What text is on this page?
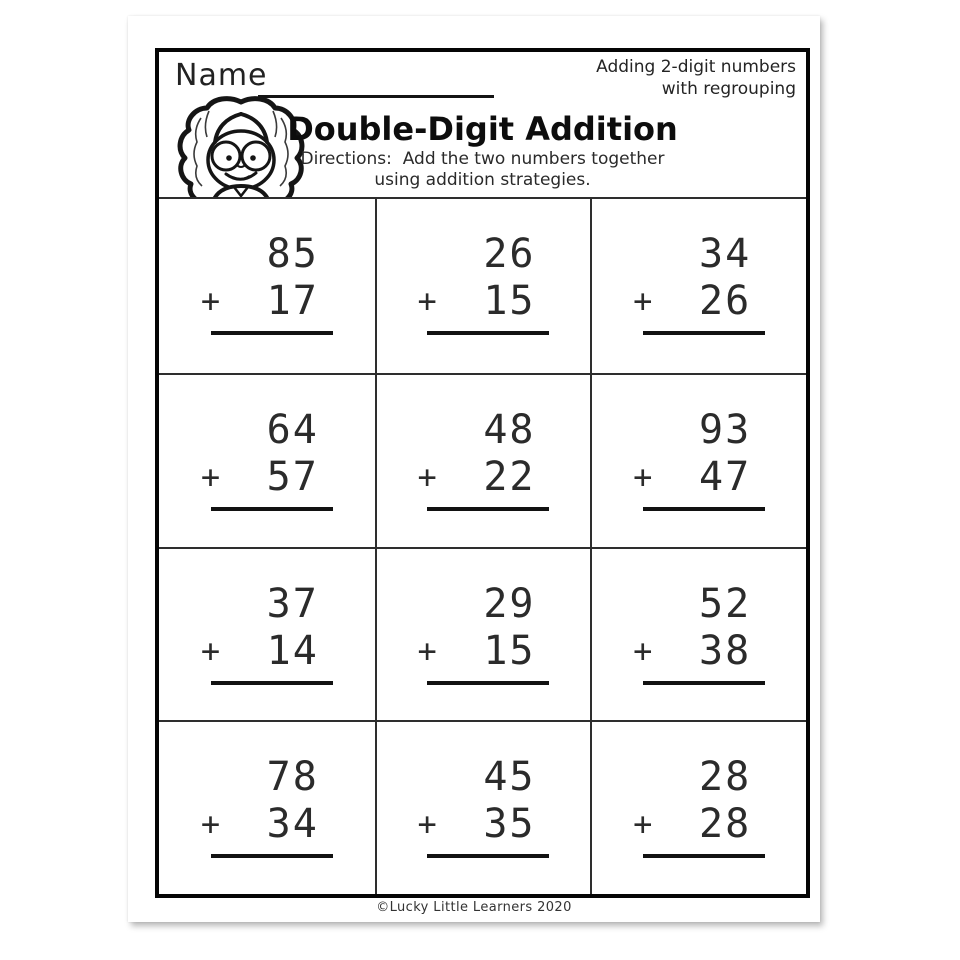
Name	Adding 2-digit numbers
with regrouping
Double-Digit Addition
Directions:  Add the two numbers together
using addition strategies.
85
+	17
26
+	15
34
+	26
64
+	57
48
+	22
93
+	47
37
+	14
29
+	15
52
+	38
78
+	34
45
+	35
28
+	28
©Lucky Little Learners 2020
